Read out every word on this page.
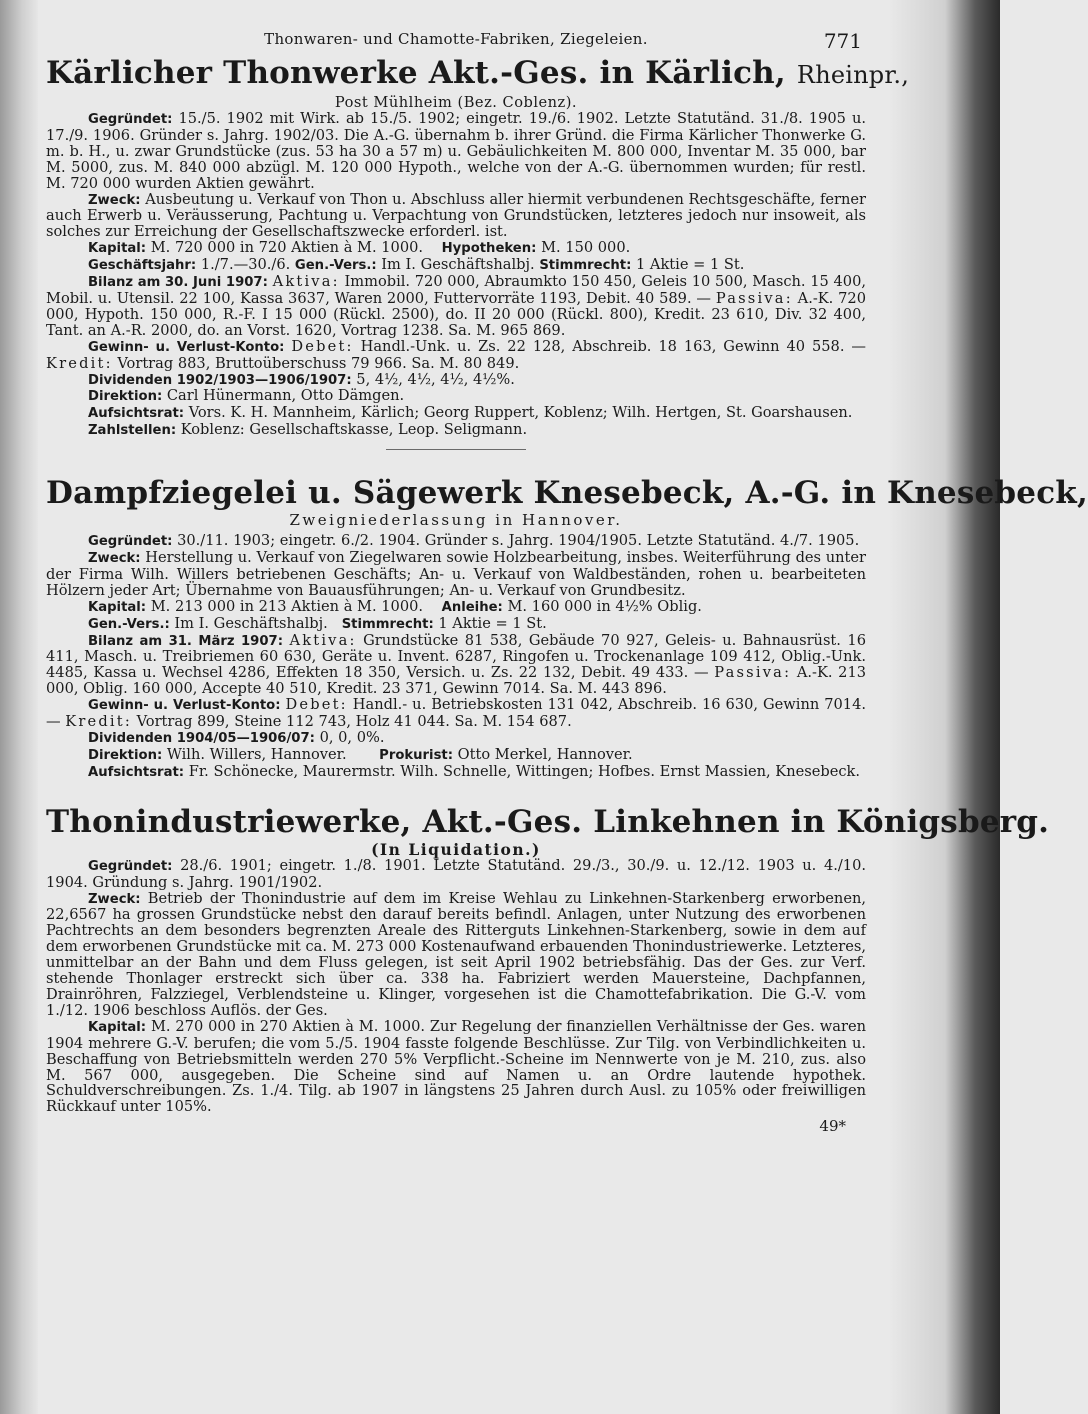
Thonwaren- und Chamotte-Fabriken, Ziegeleien.	771
Kärlicher Thonwerke Akt.-Ges. in Kärlich, Rheinpr.,
Post Mühlheim (Bez. Coblenz).

Gegründet: 15./5. 1902 mit Wirk. ab 15./5. 1902; eingetr. 19./6. 1902. Letzte Statutänd. 31./8. 1905 u. 17./9. 1906. Gründer s. Jahrg. 1902/03. Die A.-G. übernahm b. ihrer Gründ. die Firma Kärlicher Thonwerke G. m. b. H., u. zwar Grundstücke (zus. 53 ha 30 a 57 m) u. Gebäulichkeiten M. 800 000, Inventar M. 35 000, bar M. 5000, zus. M. 840 000 abzügl. M. 120 000 Hypoth., welche von der A.-G. übernommen wurden; für restl. M. 720 000 wurden Aktien gewährt.

Zweck: Ausbeutung u. Verkauf von Thon u. Abschluss aller hiermit verbundenen Rechtsgeschäfte, ferner auch Erwerb u. Veräusserung, Pachtung u. Verpachtung von Grundstücken, letzteres jedoch nur insoweit, als solches zur Erreichung der Gesellschaftszwecke erforderl. ist.

Kapital: M. 720 000 in 720 Aktien à M. 1000. Hypotheken: M. 150 000.

Geschäftsjahr: 1./7.—30./6. Gen.-Vers.: Im I. Geschäftshalbj. Stimmrecht: 1 Aktie = 1 St.

Bilanz am 30. Juni 1907: Aktiva: Immobil. 720 000, Abraumkto 150 450, Geleis 10 500, Masch. 15 400, Mobil. u. Utensil. 22 100, Kassa 3637, Waren 2000, Futtervorräte 1193, Debit. 40 589. — Passiva: A.-K. 720 000, Hypoth. 150 000, R.-F. I 15 000 (Rückl. 2500), do. II 20 000 (Rückl. 800), Kredit. 23 610, Div. 32 400, Tant. an A.-R. 2000, do. an Vorst. 1620, Vortrag 1238. Sa. M. 965 869.

Gewinn- u. Verlust-Konto: Debet: Handl.-Unk. u. Zs. 22 128, Abschreib. 18 163, Gewinn 40 558. — Kredit: Vortrag 883, Bruttoüberschuss 79 966. Sa. M. 80 849.

Dividenden 1902/1903—1906/1907: 5, 4½, 4½, 4½, 4½%.

Direktion: Carl Hünermann, Otto Dämgen.

Aufsichtsrat: Vors. K. H. Mannheim, Kärlich; Georg Ruppert, Koblenz; Wilh. Hertgen, St. Goarshausen.

Zahlstellen: Koblenz: Gesellschaftskasse, Leop. Seligmann.

Dampfziegelei u. Sägewerk Knesebeck, A.-G. in Knesebeck,
Zweigniederlassung in Hannover.

Gegründet: 30./11. 1903; eingetr. 6./2. 1904. Gründer s. Jahrg. 1904/1905. Letzte Statutänd. 4./7. 1905.

Zweck: Herstellung u. Verkauf von Ziegelwaren sowie Holzbearbeitung, insbes. Weiterführung des unter der Firma Wilh. Willers betriebenen Geschäfts; An- u. Verkauf von Waldbeständen, rohen u. bearbeiteten Hölzern jeder Art; Übernahme von Bauausführungen; An- u. Verkauf von Grundbesitz.

Kapital: M. 213 000 in 213 Aktien à M. 1000. Anleihe: M. 160 000 in 4½% Oblig.

Gen.-Vers.: Im I. Geschäftshalbj. Stimmrecht: 1 Aktie = 1 St.

Bilanz am 31. März 1907: Aktiva: Grundstücke 81 538, Gebäude 70 927, Geleis- u. Bahnausrüst. 16 411, Masch. u. Treibriemen 60 630, Geräte u. Invent. 6287, Ringofen u. Trockenanlage 109 412, Oblig.-Unk. 4485, Kassa u. Wechsel 4286, Effekten 18 350, Versich. u. Zs. 22 132, Debit. 49 433. — Passiva: A.-K. 213 000, Oblig. 160 000, Accepte 40 510, Kredit. 23 371, Gewinn 7014. Sa. M. 443 896.

Gewinn- u. Verlust-Konto: Debet: Handl.- u. Betriebskosten 131 042, Abschreib. 16 630, Gewinn 7014. — Kredit: Vortrag 899, Steine 112 743, Holz 41 044. Sa. M. 154 687.

Dividenden 1904/05—1906/07: 0, 0, 0%.

Direktion: Wilh. Willers, Hannover. Prokurist: Otto Merkel, Hannover.

Aufsichtsrat: Fr. Schönecke, Maurermstr. Wilh. Schnelle, Wittingen; Hofbes. Ernst Massien, Knesebeck.

Thonindustriewerke, Akt.-Ges. Linkehnen in Königsberg.
(In Liquidation.)

Gegründet: 28./6. 1901; eingetr. 1./8. 1901. Letzte Statutänd. 29./3., 30./9. u. 12./12. 1903 u. 4./10. 1904. Gründung s. Jahrg. 1901/1902.

Zweck: Betrieb der Thonindustrie auf dem im Kreise Wehlau zu Linkehnen-Starkenberg erworbenen, 22,6567 ha grossen Grundstücke nebst den darauf bereits befindl. Anlagen, unter Nutzung des erworbenen Pachtrechts an dem besonders begrenzten Areale des Ritterguts Linkehnen-Starkenberg, sowie in dem auf dem erworbenen Grundstücke mit ca. M. 273 000 Kostenaufwand erbauenden Thonindustriewerke. Letzteres, unmittelbar an der Bahn und dem Fluss gelegen, ist seit April 1902 betriebsfähig. Das der Ges. zur Verf. stehende Thonlager erstreckt sich über ca. 338 ha. Fabriziert werden Mauersteine, Dachpfannen, Drainröhren, Falzziegel, Verblendsteine u. Klinger, vorgesehen ist die Chamottefabrikation. Die G.-V. vom 1./12. 1906 beschloss Auflös. der Ges.

Kapital: M. 270 000 in 270 Aktien à M. 1000. Zur Regelung der finanziellen Verhältnisse der Ges. waren 1904 mehrere G.-V. berufen; die vom 5./5. 1904 fasste folgende Beschlüsse. Zur Tilg. von Verbindlichkeiten u. Beschaffung von Betriebsmitteln werden 270 5% Verpflicht.-Scheine im Nennwerte von je M. 210, zus. also M. 567 000, ausgegeben. Die Scheine sind auf Namen u. an Ordre lautende hypothek. Schuldverschreibungen. Zs. 1./4. Tilg. ab 1907 in längstens 25 Jahren durch Ausl. zu 105% oder freiwilligen Rückkauf unter 105%.

49*
